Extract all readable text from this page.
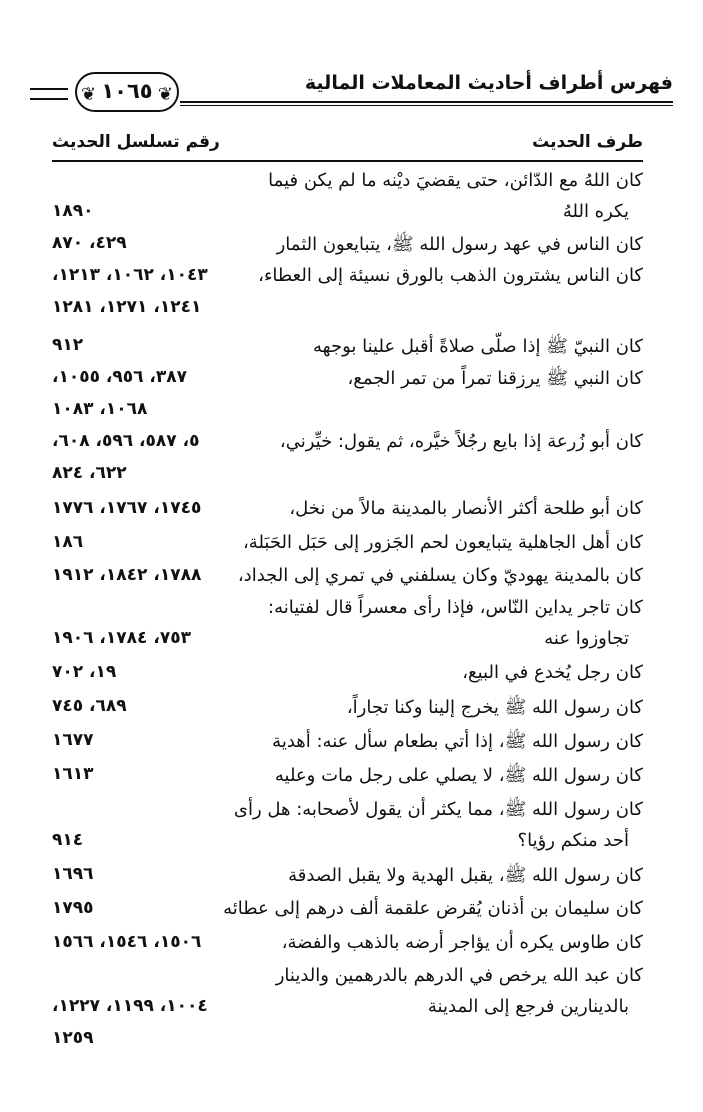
فهرس أطراف أحاديث المعاملات المالية
❦ ١٠٦٥ ❦
طرف الحديث
رقم تسلسل الحديث
كان اللهُ مع الدّائن، حتى يقضيَ ديْنه ما لم يكن فيما
يكره اللهُ
١٨٩٠
كان الناس في عهد رسول الله ﷺ، يتبايعون الثمار
٤٢٩، ٨٧٠
كان الناس يشترون الذهب بالورق نسيئة إلى العطاء،
١٠٤٣، ١٠٦٢، ١٢١٣،
١٢٤١، ١٢٧١، ١٢٨١
كان النبيّ ﷺ إذا صلّى صلاةً أقبل علينا بوجهه
٩١٢
كان النبي ﷺ يرزقنا تمراً من تمر الجمع،
٣٨٧، ٩٥٦، ١٠٥٥،
١٠٦٨، ١٠٨٣
كان أبو زُرعة إذا بايع رجُلاً خيَّره، ثم يقول: خيِّرني،
٥، ٥٨٧، ٥٩٦، ٦٠٨،
٦٢٢، ٨٢٤
كان أبو طلحة أكثر الأنصار بالمدينة مالاً من نخل،
١٧٤٥، ١٧٦٧، ١٧٧٦
كان أهل الجاهلية يتبايعون لحم الجَزور إلى حَبَل الحَبَلة،
١٨٦
كان بالمدينة يهوديّ وكان يسلفني في تمري إلى الجداد،
١٧٨٨، ١٨٤٢، ١٩١٢
كان تاجر يداين النّاس، فإذا رأى معسراً قال لفتيانه:
تجاوزوا عنه
٧٥٣، ١٧٨٤، ١٩٠٦
كان رجل يُخدع في البيع،
١٩، ٧٠٢
كان رسول الله ﷺ يخرج إلينا وكنا تجاراً،
٦٨٩، ٧٤٥
كان رسول الله ﷺ، إذا أتي بطعام سأل عنه: أهدية
١٦٧٧
كان رسول الله ﷺ، لا يصلي على رجل مات وعليه
١٦١٣
كان رسول الله ﷺ، مما يكثر أن يقول لأصحابه: هل رأى
أحد منكم رؤيا؟
٩١٤
كان رسول الله ﷺ، يقبل الهدية ولا يقبل الصدقة
١٦٩٦
كان سليمان بن أذنان يُقرض علقمة ألف درهم إلى عطائه
١٧٩٥
كان طاوس يكره أن يؤاجر أرضه بالذهب والفضة،
١٥٠٦، ١٥٤٦، ١٥٦٦
كان عبد الله يرخص في الدرهم بالدرهمين والدينار
بالدينارين فرجع إلى المدينة
١٠٠٤، ١١٩٩، ١٢٢٧،
١٢٥٩
